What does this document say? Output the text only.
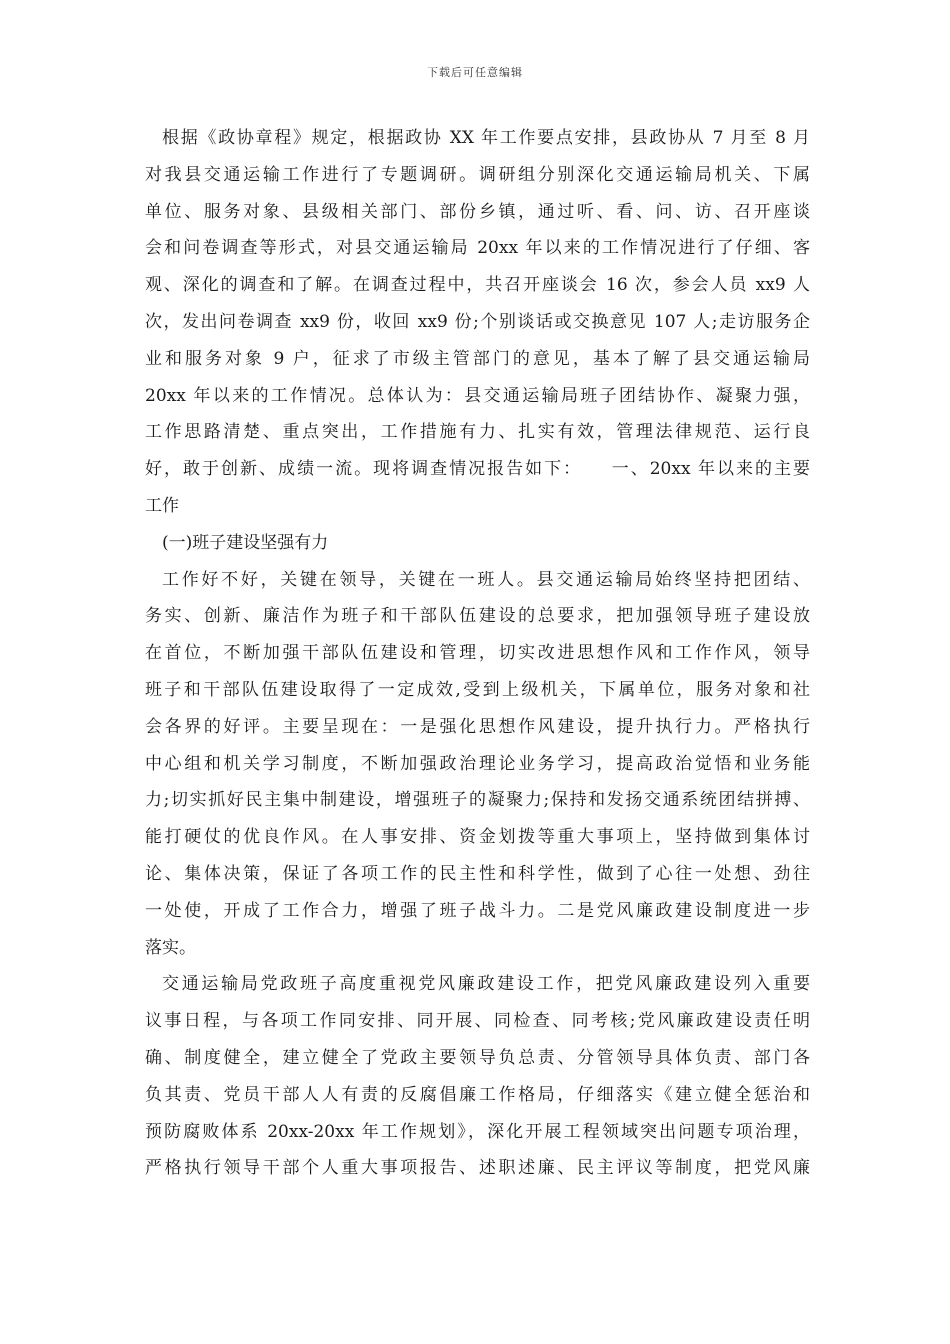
下载后可任意编辑
根据《政协章程》规定，根据政协 XX 年工作要点安排，县政协从 7 月至 8 月
对我县交通运输工作进行了专题调研。调研组分别深化交通运输局机关、下属
单位、服务对象、县级相关部门、部份乡镇，通过听、看、问、访、召开座谈
会和问卷调查等形式，对县交通运输局 20xx 年以来的工作情况进行了仔细、客
观、深化的调查和了解。在调查过程中，共召开座谈会 16 次，参会人员 xx9 人
次，发出问卷调查 xx9 份，收回 xx9 份;个别谈话或交换意见 107 人;走访服务企
业和服务对象 9 户，征求了市级主管部门的意见，基本了解了县交通运输局
20xx 年以来的工作情况。总体认为：县交通运输局班子团结协作、凝聚力强，
工作思路清楚、重点突出，工作措施有力、扎实有效，管理法律规范、运行良
好，敢于创新、成绩一流。现将调查情况报告如下：　　一、20xx 年以来的主要
工作
(一)班子建设坚强有力
工作好不好，关键在领导，关键在一班人。县交通运输局始终坚持把团结、
务实、创新、廉洁作为班子和干部队伍建设的总要求，把加强领导班子建设放
在首位，不断加强干部队伍建设和管理，切实改进思想作风和工作作风，领导
班子和干部队伍建设取得了一定成效,受到上级机关，下属单位，服务对象和社
会各界的好评。主要呈现在：一是强化思想作风建设，提升执行力。严格执行
中心组和机关学习制度，不断加强政治理论业务学习，提高政治觉悟和业务能
力;切实抓好民主集中制建设，增强班子的凝聚力;保持和发扬交通系统团结拼搏、
能打硬仗的优良作风。在人事安排、资金划拨等重大事项上，坚持做到集体讨
论、集体决策，保证了各项工作的民主性和科学性，做到了心往一处想、劲往
一处使，开成了工作合力，增强了班子战斗力。二是党风廉政建设制度进一步
落实。
交通运输局党政班子高度重视党风廉政建设工作，把党风廉政建设列入重要
议事日程，与各项工作同安排、同开展、同检查、同考核;党风廉政建设责任明
确、制度健全，建立健全了党政主要领导负总责、分管领导具体负责、部门各
负其责、党员干部人人有责的反腐倡廉工作格局，仔细落实《建立健全惩治和
预防腐败体系 20xx-20xx 年工作规划》，深化开展工程领域突出问题专项治理，
严格执行领导干部个人重大事项报告、述职述廉、民主评议等制度，把党风廉
